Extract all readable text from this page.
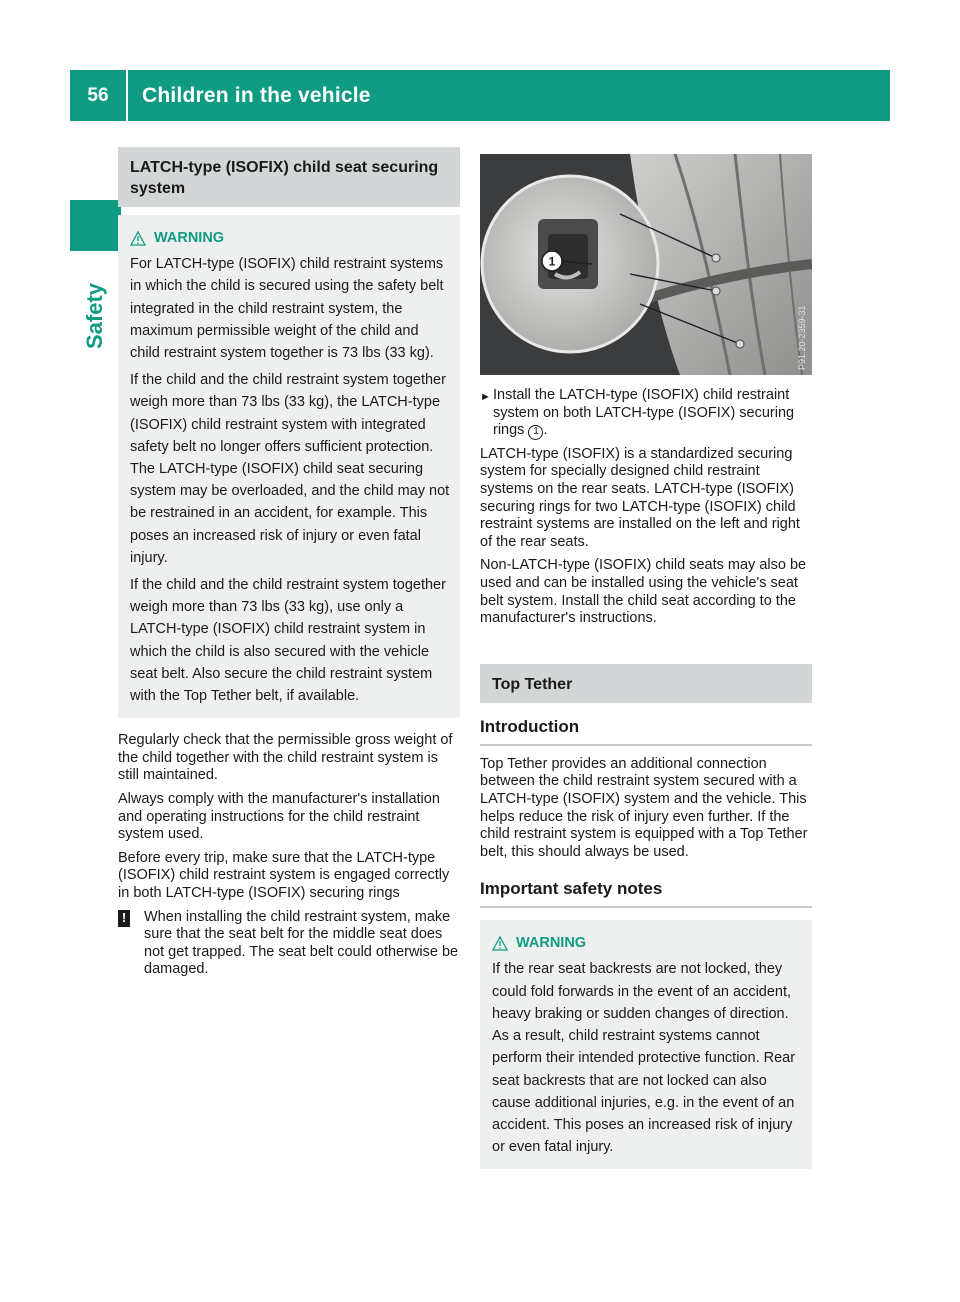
56	Children in the vehicle
Safety
LATCH-type (ISOFIX) child seat securing system
WARNING

For LATCH-type (ISOFIX) child restraint systems in which the child is secured using the safety belt integrated in the child restraint system, the maximum permissible weight of the child and child restraint system together is 73 lbs (33 kg).

If the child and the child restraint system together weigh more than 73 lbs (33 kg), the LATCH-type (ISOFIX) child restraint system with integrated safety belt no longer offers sufficient protection. The LATCH-type (ISOFIX) child seat securing system may be overloaded, and the child may not be restrained in an accident, for example. This poses an increased risk of injury or even fatal injury.

If the child and the child restraint system together weigh more than 73 lbs (33 kg), use only a LATCH-type (ISOFIX) child restraint system in which the child is also secured with the vehicle seat belt. Also secure the child restraint system with the Top Tether belt, if available.

Regularly check that the permissible gross weight of the child together with the child restraint system is still maintained.

Always comply with the manufacturer's installation and operating instructions for the child restraint system used.

Before every trip, make sure that the LATCH-type (ISOFIX) child restraint system is engaged correctly in both LATCH-type (ISOFIX) securing rings

! When installing the child restraint system, make sure that the seat belt for the middle seat does not get trapped. The seat belt could otherwise be damaged.
1
P91.20-2359-31
► Install the LATCH-type (ISOFIX) child restraint system on both LATCH-type (ISOFIX) securing rings 1 .

LATCH-type (ISOFIX) is a standardized securing system for specially designed child restraint systems on the rear seats. LATCH-type (ISOFIX) securing rings for two LATCH-type (ISOFIX) child restraint systems are installed on the left and right of the rear seats.

Non-LATCH-type (ISOFIX) child seats may also be used and can be installed using the vehicle's seat belt system. Install the child seat according to the manufacturer's instructions.

Top Tether
Introduction

Top Tether provides an additional connection between the child restraint system secured with a LATCH-type (ISOFIX) system and the vehicle. This helps reduce the risk of injury even further. If the child restraint system is equipped with a Top Tether belt, this should always be used.

Important safety notes
WARNING

If the rear seat backrests are not locked, they could fold forwards in the event of an accident, heavy braking or sudden changes of direction. As a result, child restraint systems cannot perform their intended protective function. Rear seat backrests that are not locked can also cause additional injuries, e.g. in the event of an accident. This poses an increased risk of injury or even fatal injury.
